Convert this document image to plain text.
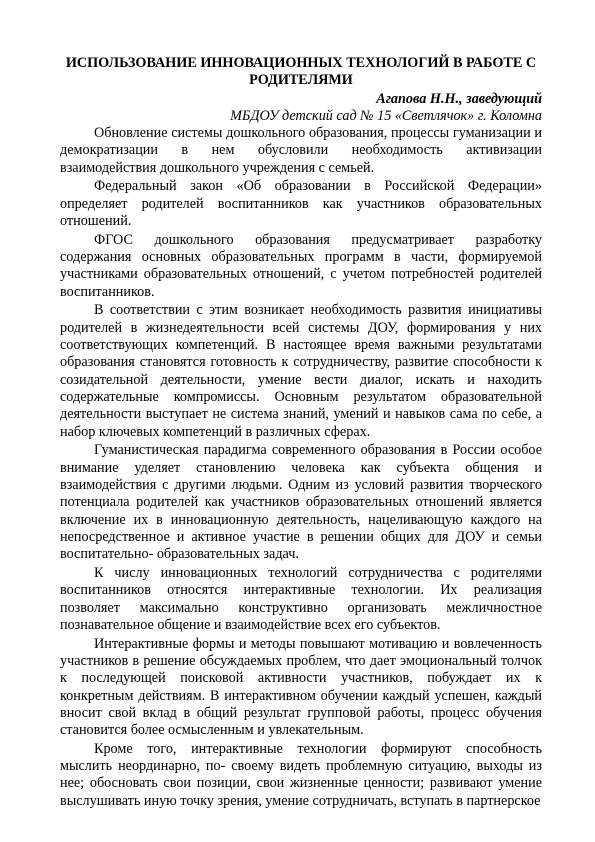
ИСПОЛЬЗОВАНИЕ ИННОВАЦИОННЫХ ТЕХНОЛОГИЙ В РАБОТЕ С РОДИТЕЛЯМИ

Агапова Н.Н., заведующий

МБДОУ детский сад № 15 «Светлячок» г. Коломна

Обновление системы дошкольного образования, процессы гуманизации и демократизации в нем обусловили необходимость активизации взаимодействия дошкольного учреждения с семьей.

Федеральный закон «Об образовании в Российской Федерации» определяет родителей воспитанников как участников образовательных отношений.

ФГОС дошкольного образования предусматривает разработку содержания основных образовательных программ в части, формируемой участниками образовательных отношений, с учетом потребностей родителей воспитанников.

В соответствии с этим возникает необходимость развития инициативы родителей в жизнедеятельности всей системы ДОУ, формирования у них соответствующих компетенций. В настоящее время важными результатами образования становятся готовность к сотрудничеству, развитие способности к созидательной деятельности, умение вести диалог, искать и находить содержательные компромиссы. Основным результатом образовательной деятельности выступает не система знаний, умений и навыков сама по себе, а набор ключевых компетенций в различных сферах.

Гуманистическая парадигма современного образования в России особое внимание уделяет становлению человека как субъекта общения и взаимодействия с другими людьми. Одним из условий развития творческого потенциала родителей как участников образовательных отношений является включение их в инновационную деятельность, нацеливающую каждого на непосредственное и активное участие в решении общих для ДОУ и семьи воспитательно- образовательных задач.

К числу инновационных технологий сотрудничества с родителями воспитанников относятся интерактивные технологии. Их реализация позволяет максимально конструктивно организовать межличностное познавательное общение и взаимодействие всех его субъектов.

Интерактивные формы и методы повышают мотивацию и вовлеченность участников в решение обсуждаемых проблем, что дает эмоциональный толчок к последующей поисковой активности участников, побуждает их к конкретным действиям. В интерактивном обучении каждый успешен, каждый вносит свой вклад в общий результат групповой работы, процесс обучения становится более осмысленным и увлекательным.

Кроме того, интерактивные технологии формируют способность мыслить неординарно, по- своему видеть проблемную ситуацию, выходы из нее; обосновать свои позиции, свои жизненные ценности; развивают умение выслушивать иную точку зрения, умение сотрудничать, вступать в партнерское
